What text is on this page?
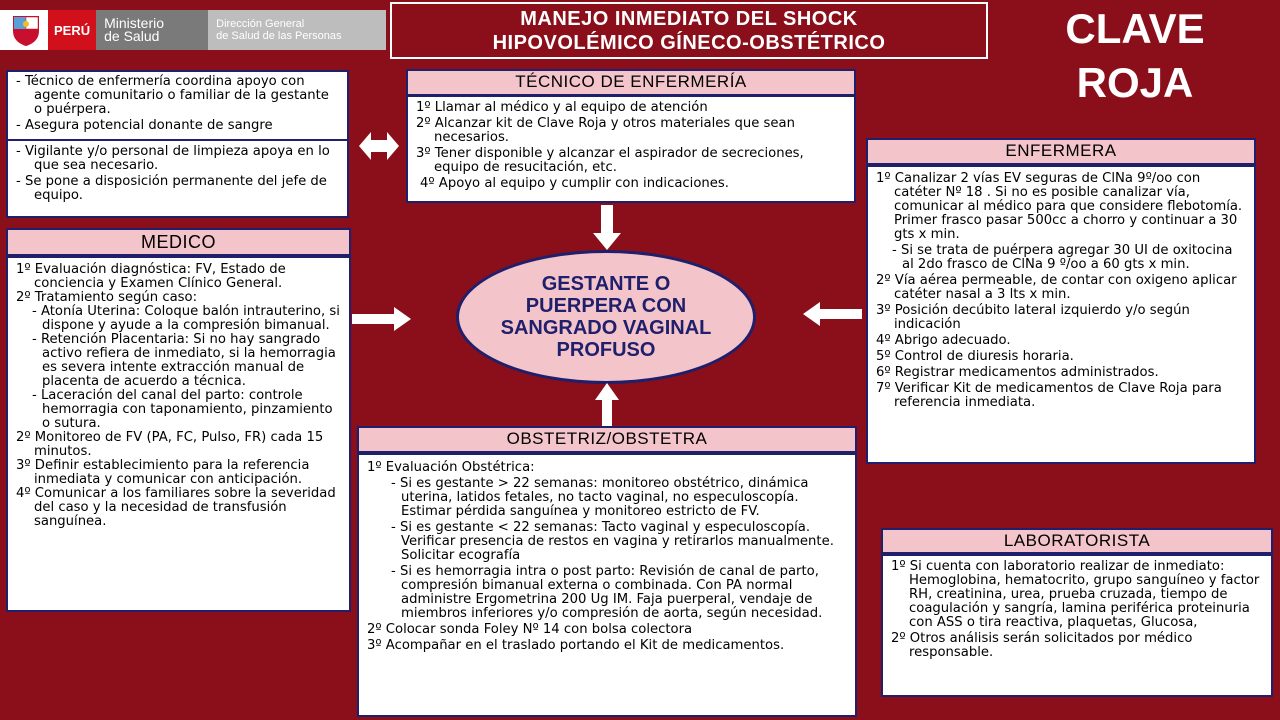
PERÚ	Ministerio
de Salud
Dirección General
de Salud de las Personas
MANEJO INMEDIATO DEL SHOCK
HIPOVOLÉMICO GÍNECO-OBSTÉTRICO	CLAVE
ROJA

- Técnico de enfermería coordina apoyo con agente comunitario o familiar de la gestante o puérpera.

- Asegura potencial donante de sangre

- Vigilante y/o personal de limpieza apoya en lo que sea necesario.

- Se pone a disposición permanente del jefe de equipo.

TÉCNICO DE ENFERMERÍA

1º Llamar al médico y al equipo de atención

2º Alcanzar kit de Clave Roja y otros materiales que sean necesarios.

3º Tener disponible y alcanzar el aspirador de secreciones, equipo de resucitación, etc.

4º Apoyo al equipo y cumplir con indicaciones.

MEDICO

1º Evaluación diagnóstica: FV, Estado de conciencia y Examen Clínico General.

2º Tratamiento según caso:

- Atonía Uterina: Coloque balón intrauterino, si dispone y ayude a la compresión bimanual.

- Retención Placentaria: Si no hay sangrado activo refiera de inmediato, si la hemorragia es severa intente extracción manual de placenta de acuerdo a técnica.

- Laceración del canal del parto: controle hemorragia con taponamiento, pinzamiento o sutura.

2º Monitoreo de FV (PA, FC, Pulso, FR) cada 15 minutos.

3º Definir establecimiento para la referencia inmediata y comunicar con anticipación.

4º Comunicar a los familiares sobre la severidad del caso y la necesidad de transfusión sanguínea.

ENFERMERA

1º Canalizar 2 vías EV seguras de ClNa 9º/oo con catéter Nº 18 . Si no es posible canalizar vía, comunicar al médico para que considere flebotomía. Primer frasco pasar 500cc a chorro y continuar a 30 gts x min.

- Si se trata de puérpera agregar 30 UI de oxitocina al 2do frasco de ClNa 9 º/oo a 60 gts x min.

2º Vía aérea permeable, de contar con oxigeno aplicar catéter nasal a 3 lts x min.

3º Posición decúbito lateral izquierdo y/o según indicación

4º Abrigo adecuado.

5º Control de diuresis horaria.

6º Registrar medicamentos administrados.

7º Verificar Kit de medicamentos de Clave Roja para referencia inmediata.

GESTANTE O
PUERPERA CON
SANGRADO VAGINAL
PROFUSO
OBSTETRIZ/OBSTETRA

1º Evaluación Obstétrica:

- Si es gestante > 22 semanas: monitoreo obstétrico, dinámica uterina, latidos fetales, no tacto vaginal, no especuloscopía. Estimar pérdida sanguínea y monitoreo estricto de FV.

- Si es gestante < 22 semanas: Tacto vaginal y especuloscopía. Verificar presencia de restos en vagina y retirarlos manualmente. Solicitar ecografía

- Si es hemorragia intra o post parto: Revisión de canal de parto, compresión bimanual externa o combinada. Con PA normal administre Ergometrina 200 Ug IM. Faja puerperal, vendaje de miembros inferiores y/o compresión de aorta, según necesidad.

2º Colocar sonda Foley Nº 14 con bolsa colectora

3º Acompañar en el traslado portando el Kit de medicamentos.

LABORATORISTA

1º Si cuenta con laboratorio realizar de inmediato: Hemoglobina, hematocrito, grupo sanguíneo y factor RH, creatinina, urea, prueba cruzada, tiempo de coagulación y sangría, lamina periférica proteinuria con ASS o tira reactiva, plaquetas, Glucosa,

2º Otros análisis serán solicitados por médico responsable.
